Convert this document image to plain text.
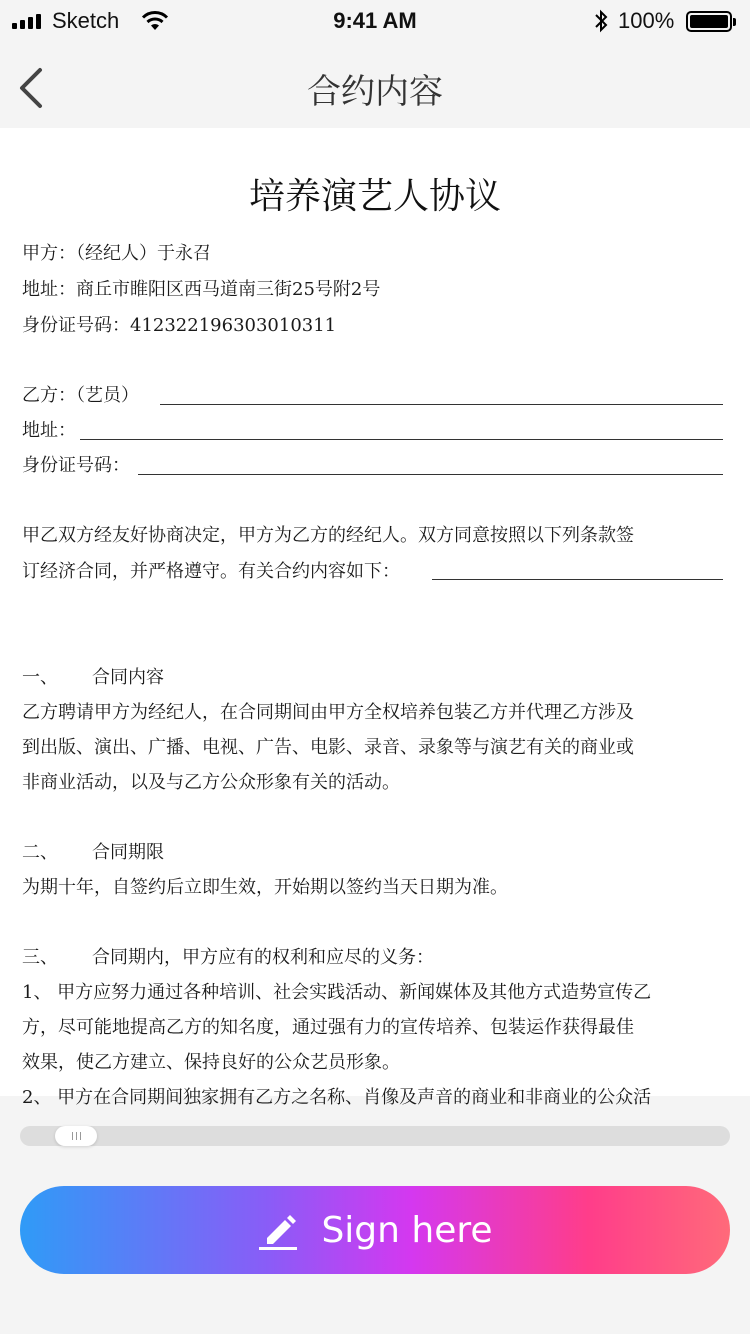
Sketch	9:41 AM	100%
合约内容
培养演艺人协议
甲方：（经纪人）于永召
地址：商丘市睢阳区西马道南三街25号附2号
身份证号码：412322196303010311
乙方：（艺员）
地址：
身份证号码：
甲乙双方经友好协商决定，甲方为乙方的经纪人。双方同意按照以下列条款签
订经济合同，并严格遵守。有关合约内容如下：
一、 合同内容
乙方聘请甲方为经纪人，在合同期间由甲方全权培养包装乙方并代理乙方涉及
到出版、演出、广播、电视、广告、电影、录音、录象等与演艺有关的商业或
非商业活动，以及与乙方公众形象有关的活动。
二、 合同期限
为期十年，自签约后立即生效，开始期以签约当天日期为准。
三、 合同期内，甲方应有的权利和应尽的义务：
1、 甲方应努力通过各种培训、社会实践活动、新闻媒体及其他方式造势宣传乙
方，尽可能地提高乙方的知名度，通过强有力的宣传培养、包装运作获得最佳
效果，使乙方建立、保持良好的公众艺员形象。
2、 甲方在合同期间独家拥有乙方之名称、肖像及声音的商业和非商业的公众活
Sign here
